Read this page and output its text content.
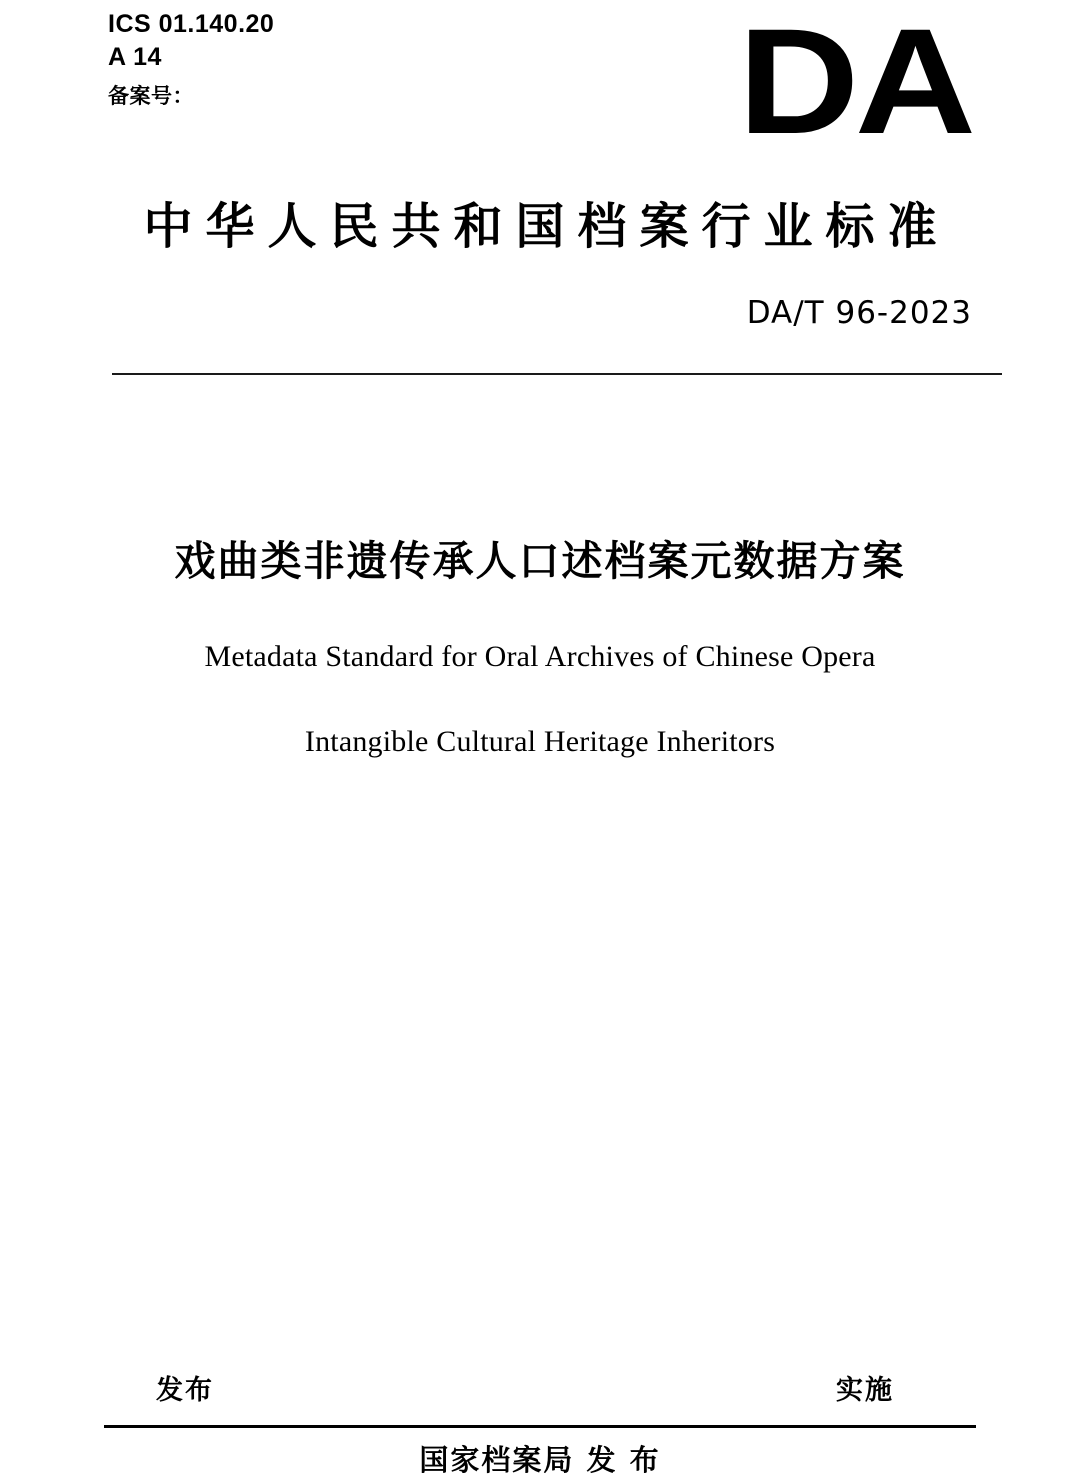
ICS 01.140.20
A 14
备案号：	DA
中华人民共和国档案行业标准
DA/T 96-2023
戏曲类非遗传承人口述档案元数据方案
Metadata Standard for Oral Archives of Chinese Opera
Intangible Cultural Heritage Inheritors
发布	实施
国家档案局 发 布
